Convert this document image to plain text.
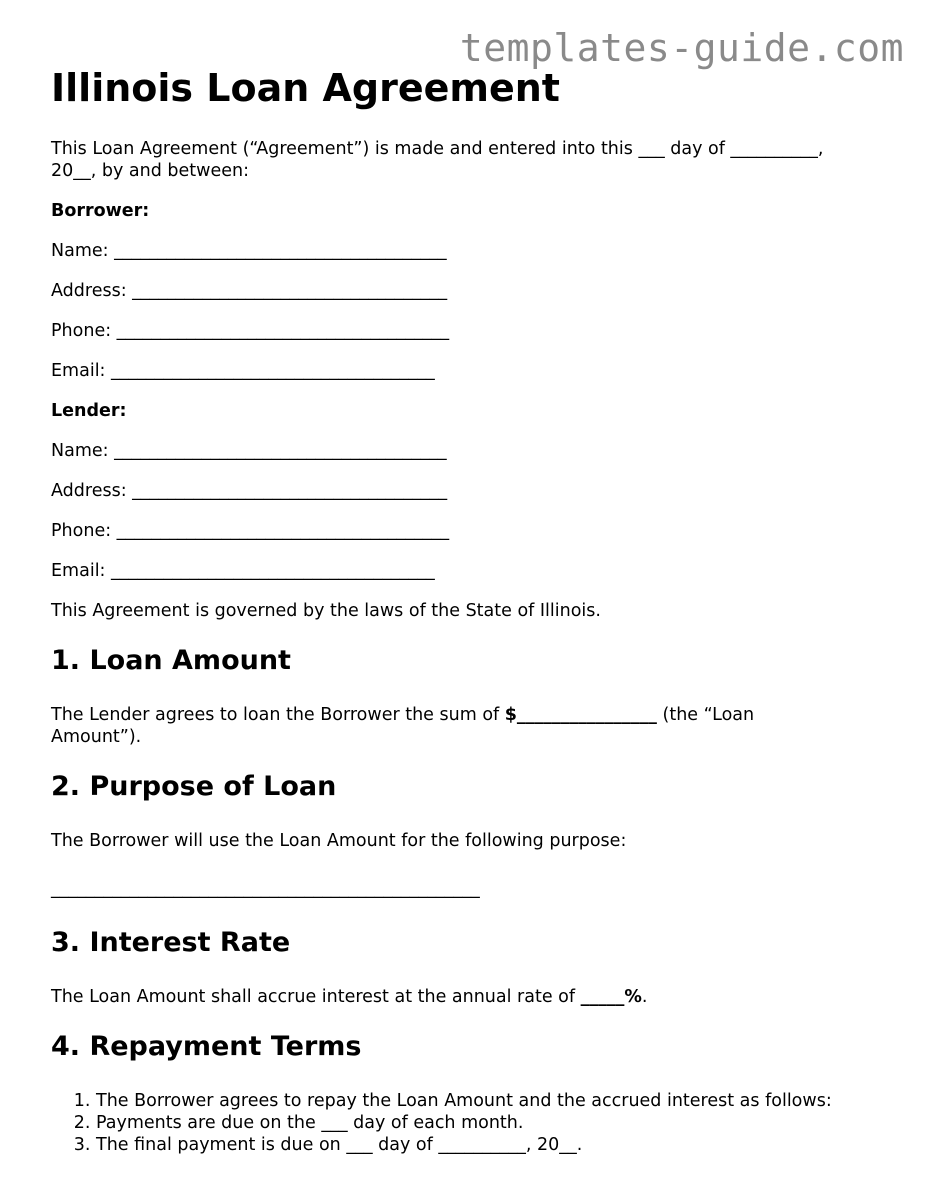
templates-guide.com
Illinois Loan Agreement

This Loan Agreement (“Agreement”) is made and entered into this ___ day of __________,
20__, by and between:

Borrower:

Name: ______________________________________

Address: ____________________________________

Phone: ______________________________________

Email: _____________________________________

Lender:

Name: ______________________________________

Address: ____________________________________

Phone: ______________________________________

Email: _____________________________________

This Agreement is governed by the laws of the State of Illinois.

1. Loan Amount

The Lender agrees to loan the Borrower the sum of $________________ (the “Loan
Amount”).

2. Purpose of Loan

The Borrower will use the Loan Amount for the following purpose:

_________________________________________________

3. Interest Rate

The Loan Amount shall accrue interest at the annual rate of _____%.

4. Repayment Terms
1. The Borrower agrees to repay the Loan Amount and the accrued interest as follows:
2. Payments are due on the ___ day of each month.
3. The final payment is due on ___ day of __________, 20__.
